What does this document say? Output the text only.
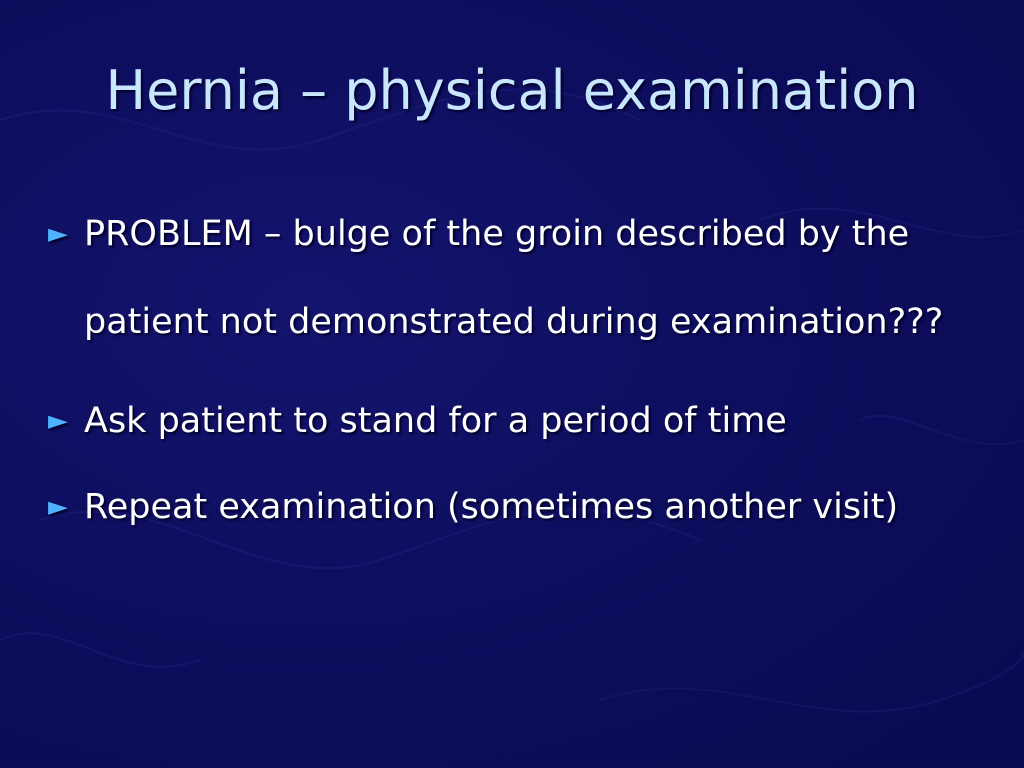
Hernia – physical examination
► PROBLEM – bulge of the groin described by the patient not demonstrated during examination???
► Ask patient to stand for a period of time
► Repeat examination (sometimes another visit)
